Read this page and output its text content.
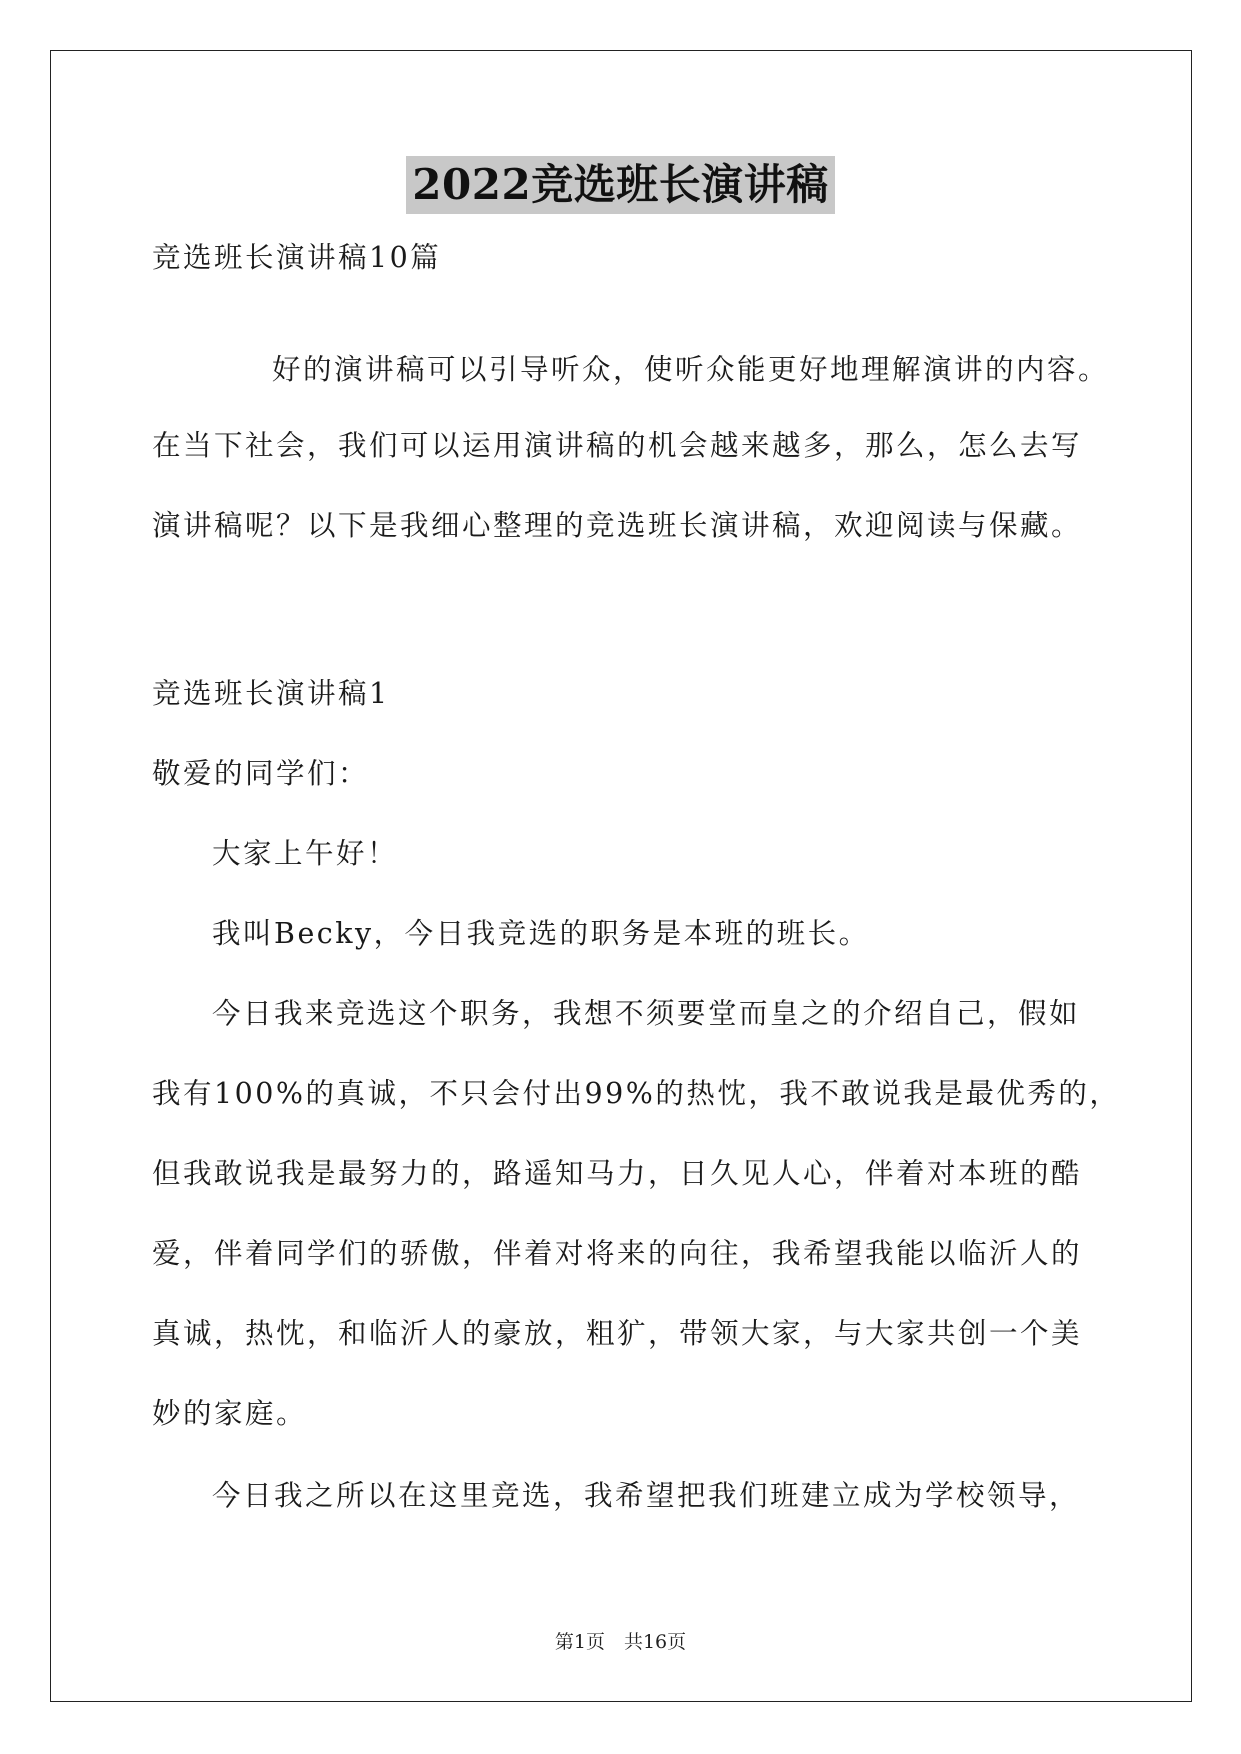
2022竞选班长演讲稿
竞选班长演讲稿10篇
好的演讲稿可以引导听众，使听众能更好地理解演讲的内容。
在当下社会，我们可以运用演讲稿的机会越来越多，那么，怎么去写
演讲稿呢？以下是我细心整理的竞选班长演讲稿，欢迎阅读与保藏。
竞选班长演讲稿1
敬爱的同学们：
大家上午好！
我叫Becky，今日我竞选的职务是本班的班长。
今日我来竞选这个职务，我想不须要堂而皇之的介绍自己，假如
我有100%的真诚，不只会付出99%的热忱，我不敢说我是最优秀的，
但我敢说我是最努力的，路遥知马力，日久见人心，伴着对本班的酷
爱，伴着同学们的骄傲，伴着对将来的向往，我希望我能以临沂人的
真诚，热忱，和临沂人的豪放，粗犷，带领大家，与大家共创一个美
妙的家庭。
今日我之所以在这里竞选，我希望把我们班建立成为学校领导，
第1页　共16页
